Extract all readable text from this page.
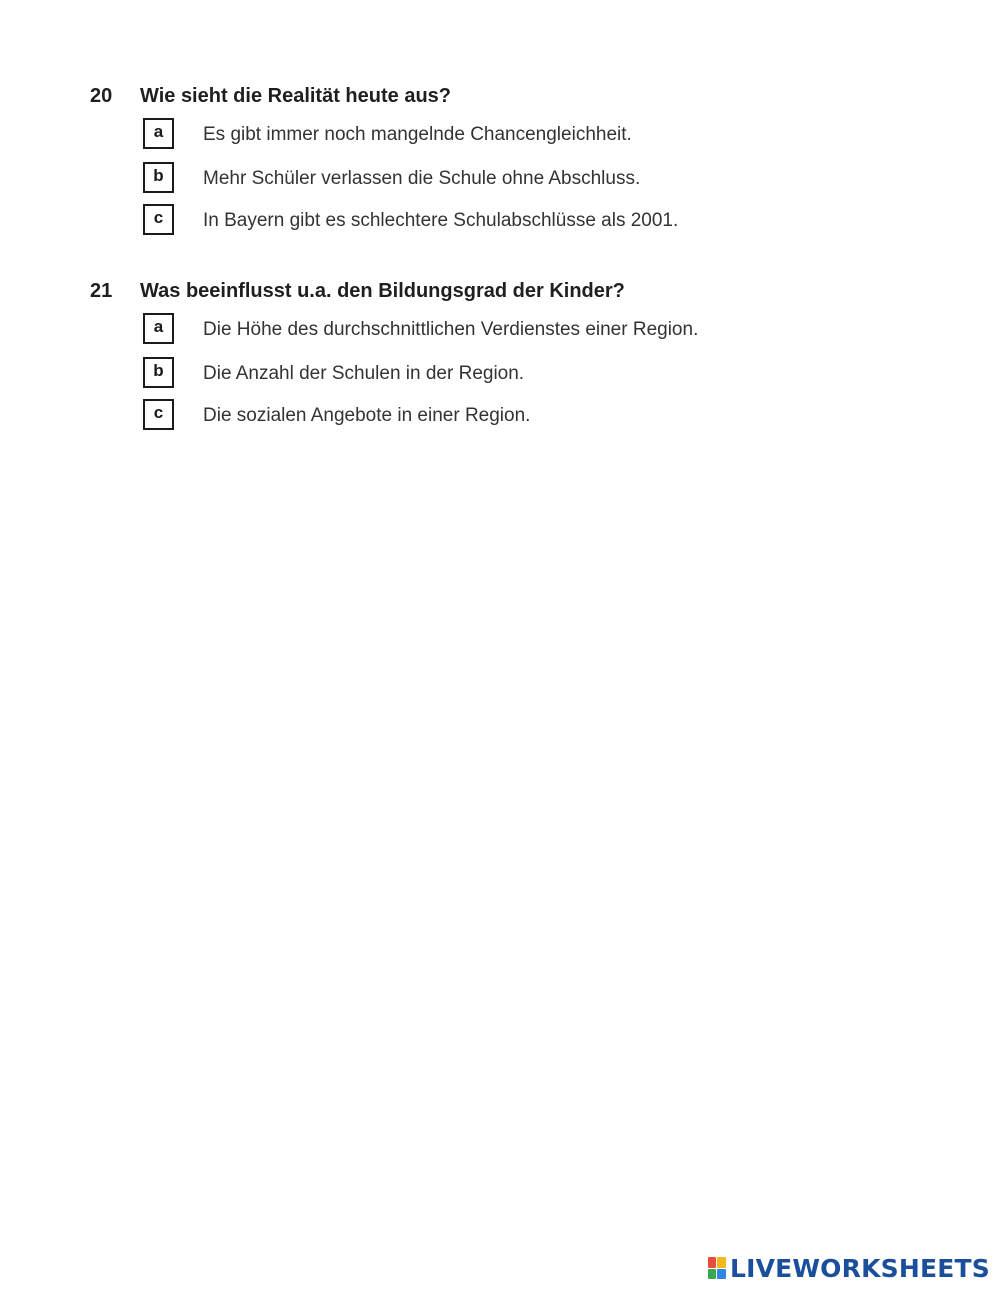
20 Wie sieht die Realität heute aus?
a	Es gibt immer noch mangelnde Chancengleichheit.
b	Mehr Schüler verlassen die Schule ohne Abschluss.
c	In Bayern gibt es schlechtere Schulabschlüsse als 2001.
21 Was beeinflusst u.a. den Bildungsgrad der Kinder?
a	Die Höhe des durchschnittlichen Verdienstes einer Region.
b	Die Anzahl der Schulen in der Region.
c	Die sozialen Angebote in einer Region.
LIVEWORKSHEETS
